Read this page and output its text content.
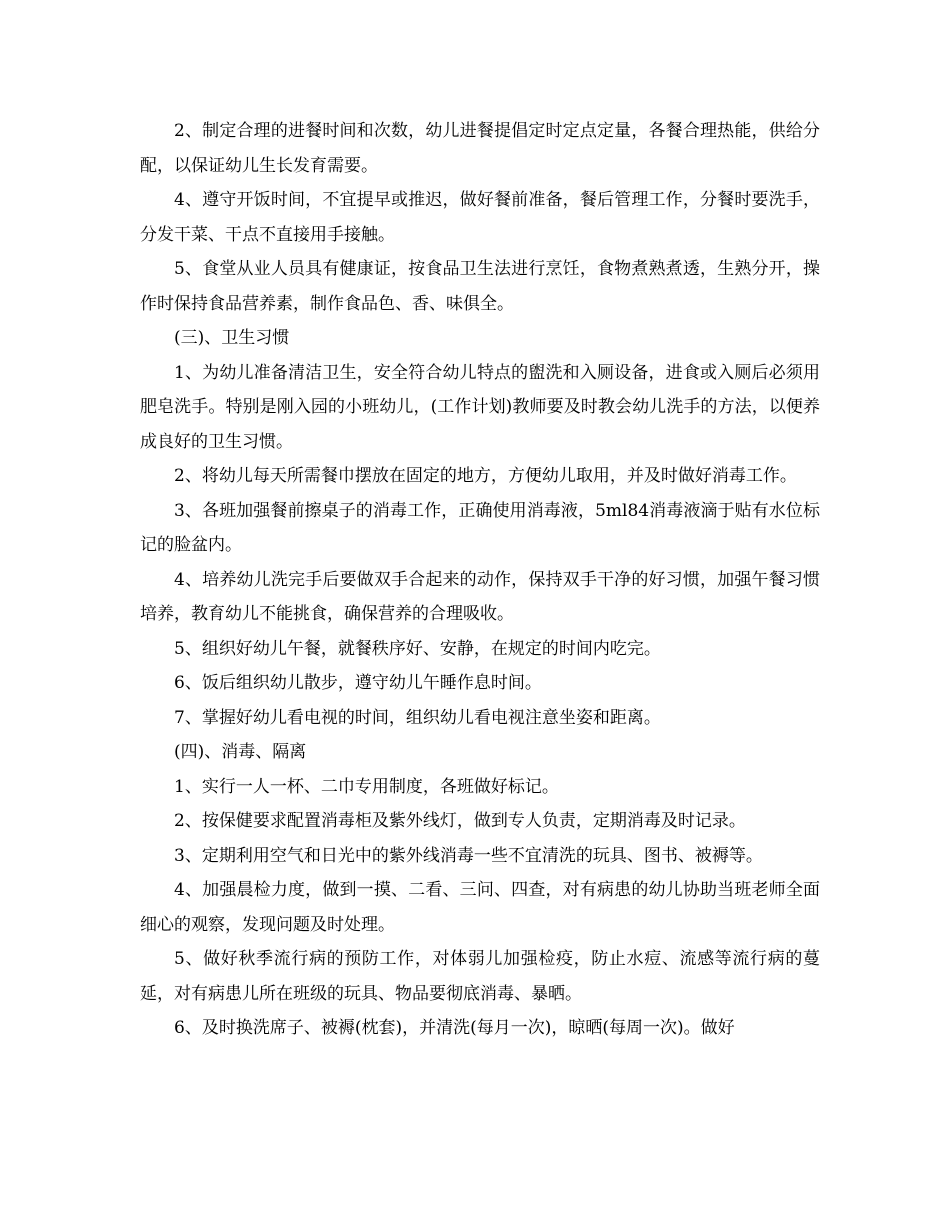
2、制定合理的进餐时间和次数，幼儿进餐提倡定时定点定量，各餐合理热能，供给分配，以保证幼儿生长发育需要。

4、遵守开饭时间，不宜提早或推迟，做好餐前准备，餐后管理工作，分餐时要洗手，分发干菜、干点不直接用手接触。

5、食堂从业人员具有健康证，按食品卫生法进行烹饪，食物煮熟煮透，生熟分开，操作时保持食品营养素，制作食品色、香、味俱全。

(三)、卫生习惯

1、为幼儿准备清洁卫生，安全符合幼儿特点的盥洗和入厕设备，进食或入厕后必须用肥皂洗手。特别是刚入园的小班幼儿，(工作计划)教师要及时教会幼儿洗手的方法，以便养成良好的卫生习惯。

2、将幼儿每天所需餐巾摆放在固定的地方，方便幼儿取用，并及时做好消毒工作。

3、各班加强餐前擦桌子的消毒工作，正确使用消毒液，5ml84消毒液滴于贴有水位标记的脸盆内。

4、培养幼儿洗完手后要做双手合起来的动作，保持双手干净的好习惯，加强午餐习惯培养，教育幼儿不能挑食，确保营养的合理吸收。

5、组织好幼儿午餐，就餐秩序好、安静，在规定的时间内吃完。

6、饭后组织幼儿散步，遵守幼儿午睡作息时间。

7、掌握好幼儿看电视的时间，组织幼儿看电视注意坐姿和距离。

(四)、消毒、隔离

1、实行一人一杯、二巾专用制度，各班做好标记。

2、按保健要求配置消毒柜及紫外线灯，做到专人负责，定期消毒及时记录。

3、定期利用空气和日光中的紫外线消毒一些不宜清洗的玩具、图书、被褥等。

4、加强晨检力度，做到一摸、二看、三问、四查，对有病患的幼儿协助当班老师全面细心的观察，发现问题及时处理。

5、做好秋季流行病的预防工作，对体弱儿加强检疫，防止水痘、流感等流行病的蔓延，对有病患儿所在班级的玩具、物品要彻底消毒、暴晒。

6、及时换洗席子、被褥(枕套)，并清洗(每月一次)，晾晒(每周一次)。做好
